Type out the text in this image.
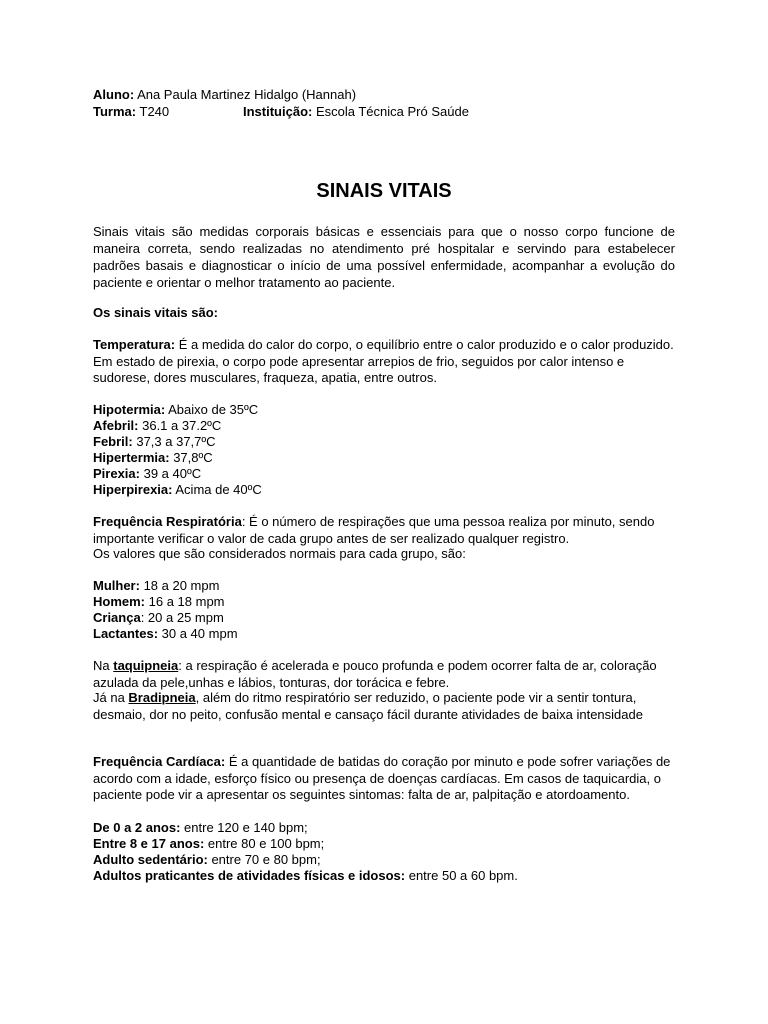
Aluno: Ana Paula Martinez Hidalgo (Hannah)
Turma: T240	Instituição: Escola Técnica Pró Saúde
SINAIS VITAIS
Sinais vitais são medidas corporais básicas e essenciais para que o nosso corpo funcione de maneira correta, sendo realizadas no atendimento pré hospitalar e servindo para estabelecer padrões basais e diagnosticar o início de uma possível enfermidade, acompanhar a evolução do paciente e orientar o melhor tratamento ao paciente.
Os sinais vitais são:
Temperatura: É a medida do calor do corpo, o equilíbrio entre o calor produzido e o calor produzido. Em estado de pirexia, o corpo pode apresentar arrepios de frio, seguidos por calor intenso e sudorese, dores musculares, fraqueza, apatia, entre outros.
Hipotermia: Abaixo de 35ºC
Afebril: 36.1 a 37.2ºC
Febril: 37,3 a 37,7ºC
Hipertermia: 37,8ºC
Pirexia: 39 a 40ºC
Hiperpirexia: Acima de 40ºC
Frequência Respiratória: É o número de respirações que uma pessoa realiza por minuto, sendo importante verificar o valor de cada grupo antes de ser realizado qualquer registro.
Os valores que são considerados normais para cada grupo, são:
Mulher: 18 a 20 mpm
Homem: 16 a 18 mpm
Criança: 20 a 25 mpm
Lactantes: 30 a 40 mpm
Na taquipneia: a respiração é acelerada e pouco profunda e podem ocorrer falta de ar, coloração azulada da pele,unhas e lábios, tonturas, dor torácica e febre.
Já na Bradipneia, além do ritmo respiratório ser reduzido, o paciente pode vir a sentir tontura, desmaio, dor no peito, confusão mental e cansaço fácil durante atividades de baixa intensidade
Frequência Cardíaca: É a quantidade de batidas do coração por minuto e pode sofrer variações de acordo com a idade, esforço físico ou presença de doenças cardíacas. Em casos de taquicardia, o paciente pode vir a apresentar os seguintes sintomas: falta de ar, palpitação e atordoamento.
De 0 a 2 anos: entre 120 e 140 bpm;
Entre 8 e 17 anos: entre 80 e 100 bpm;
Adulto sedentário: entre 70 e 80 bpm;
Adultos praticantes de atividades físicas e idosos: entre 50 a 60 bpm.
